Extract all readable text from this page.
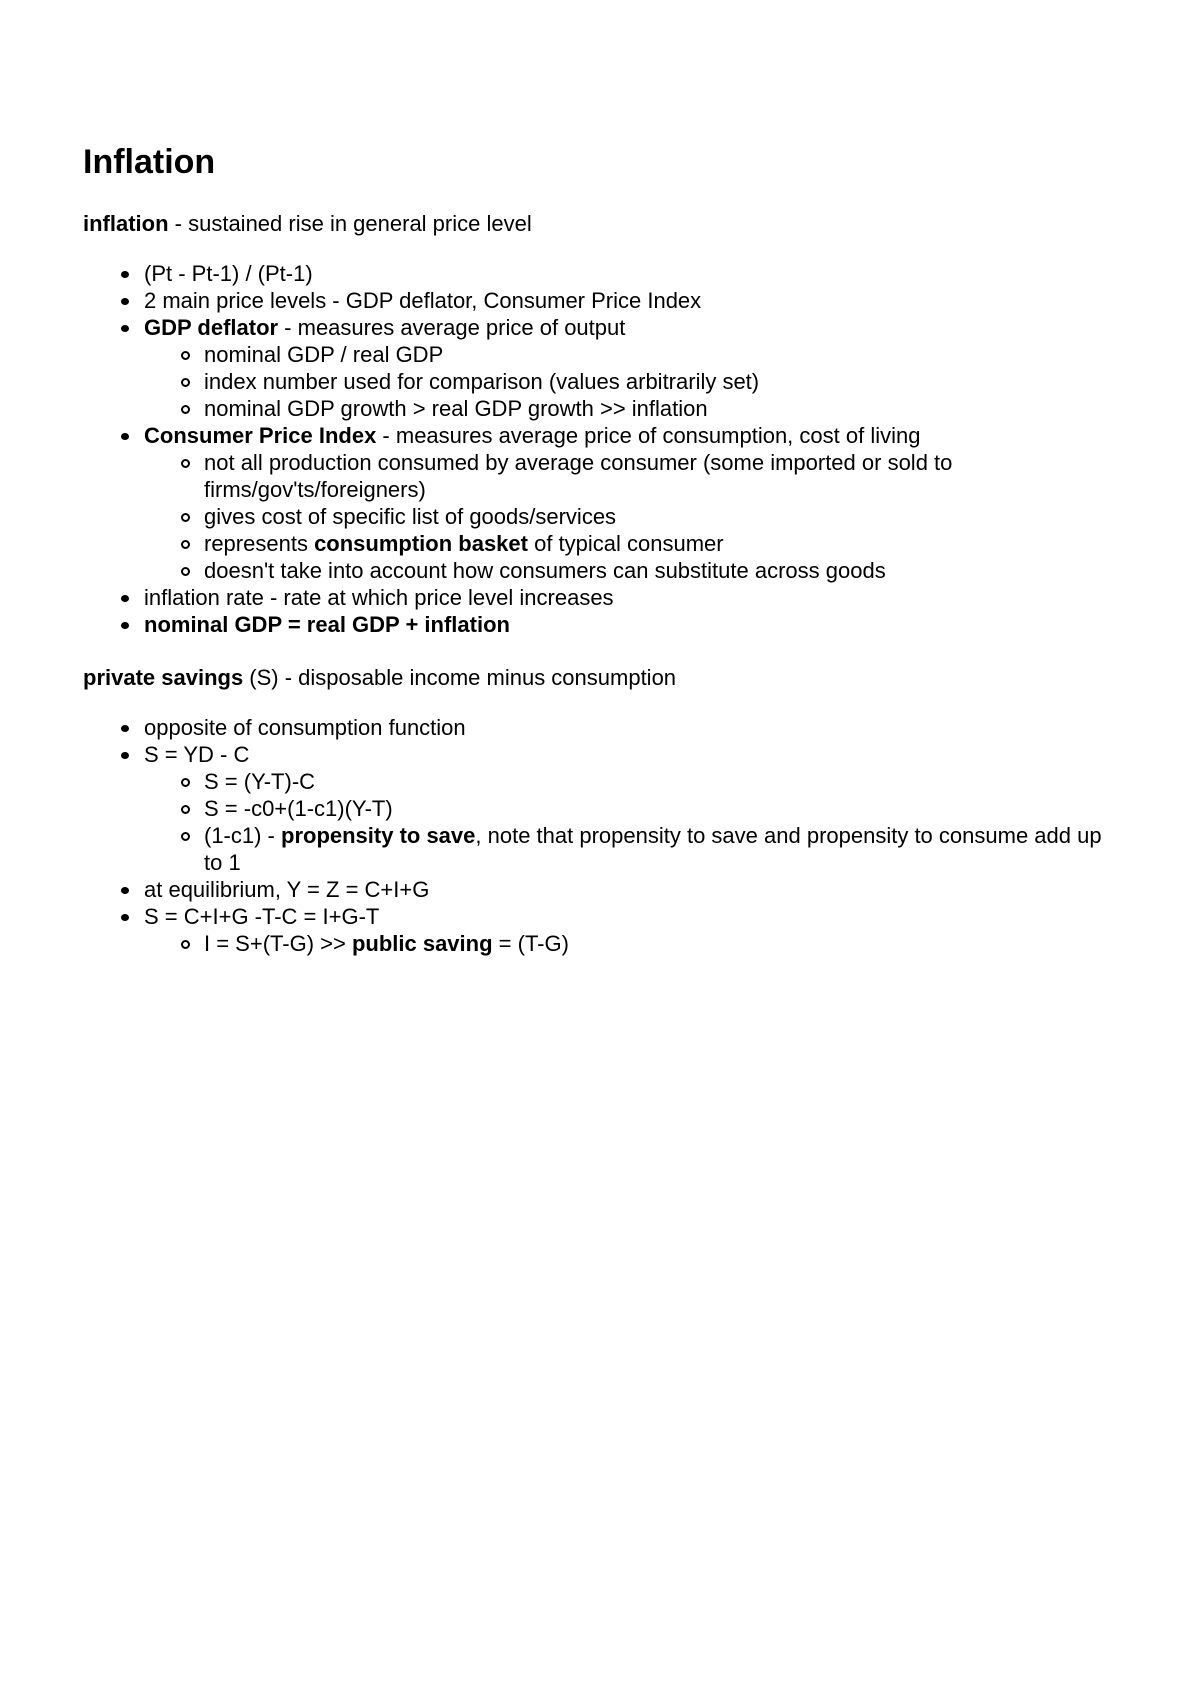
Inflation

inflation - sustained rise in general price level

(Pt - Pt-1) / (Pt-1)
2 main price levels - GDP deflator, Consumer Price Index
GDP deflator - measures average price of output
nominal GDP / real GDP
index number used for comparison (values arbitrarily set)
nominal GDP growth > real GDP growth >> inflation
Consumer Price Index - measures average price of consumption, cost of living
not all production consumed by average consumer (some imported or sold to firms/gov'ts/foreigners)
gives cost of specific list of goods/services
represents consumption basket of typical consumer
doesn't take into account how consumers can substitute across goods
inflation rate - rate at which price level increases
nominal GDP = real GDP + inflation

private savings (S) - disposable income minus consumption

opposite of consumption function
S = YD - C
S = (Y-T)-C
S = -c0+(1-c1)(Y-T)
(1-c1) - propensity to save, note that propensity to save and propensity to consume add up to 1
at equilibrium, Y = Z = C+I+G
S = C+I+G -T-C = I+G-T
I = S+(T-G) >> public saving = (T-G)
